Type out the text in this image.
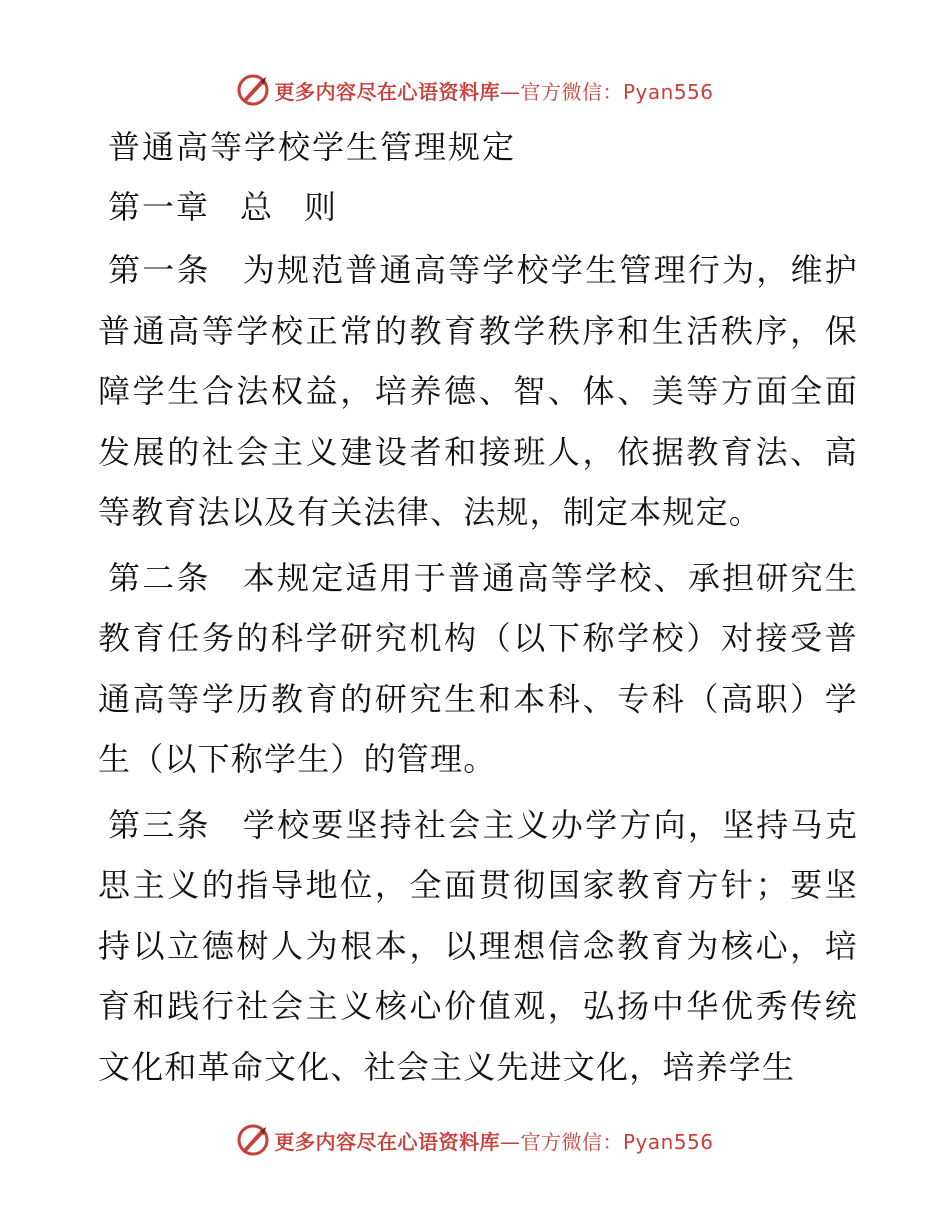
更多内容尽在心语资料库—官方微信：Pyan556
普通高等学校学生管理规定
第一章 总 则

第一条 为规范普通高等学校学生管理行为，维护普通高等学校正常的教育教学秩序和生活秩序，保障学生合法权益，培养德、智、体、美等方面全面发展的社会主义建设者和接班人，依据教育法、高等教育法以及有关法律、法规，制定本规定。

第二条 本规定适用于普通高等学校、承担研究生教育任务的科学研究机构（以下称学校）对接受普通高等学历教育的研究生和本科、专科（高职）学生（以下称学生）的管理。

第三条 学校要坚持社会主义办学方向，坚持马克思主义的指导地位，全面贯彻国家教育方针；要坚持以立德树人为根本，以理想信念教育为核心，培育和践行社会主义核心价值观，弘扬中华优秀传统文化和革命文化、社会主义先进文化，培养学生

更多内容尽在心语资料库—官方微信：Pyan556
